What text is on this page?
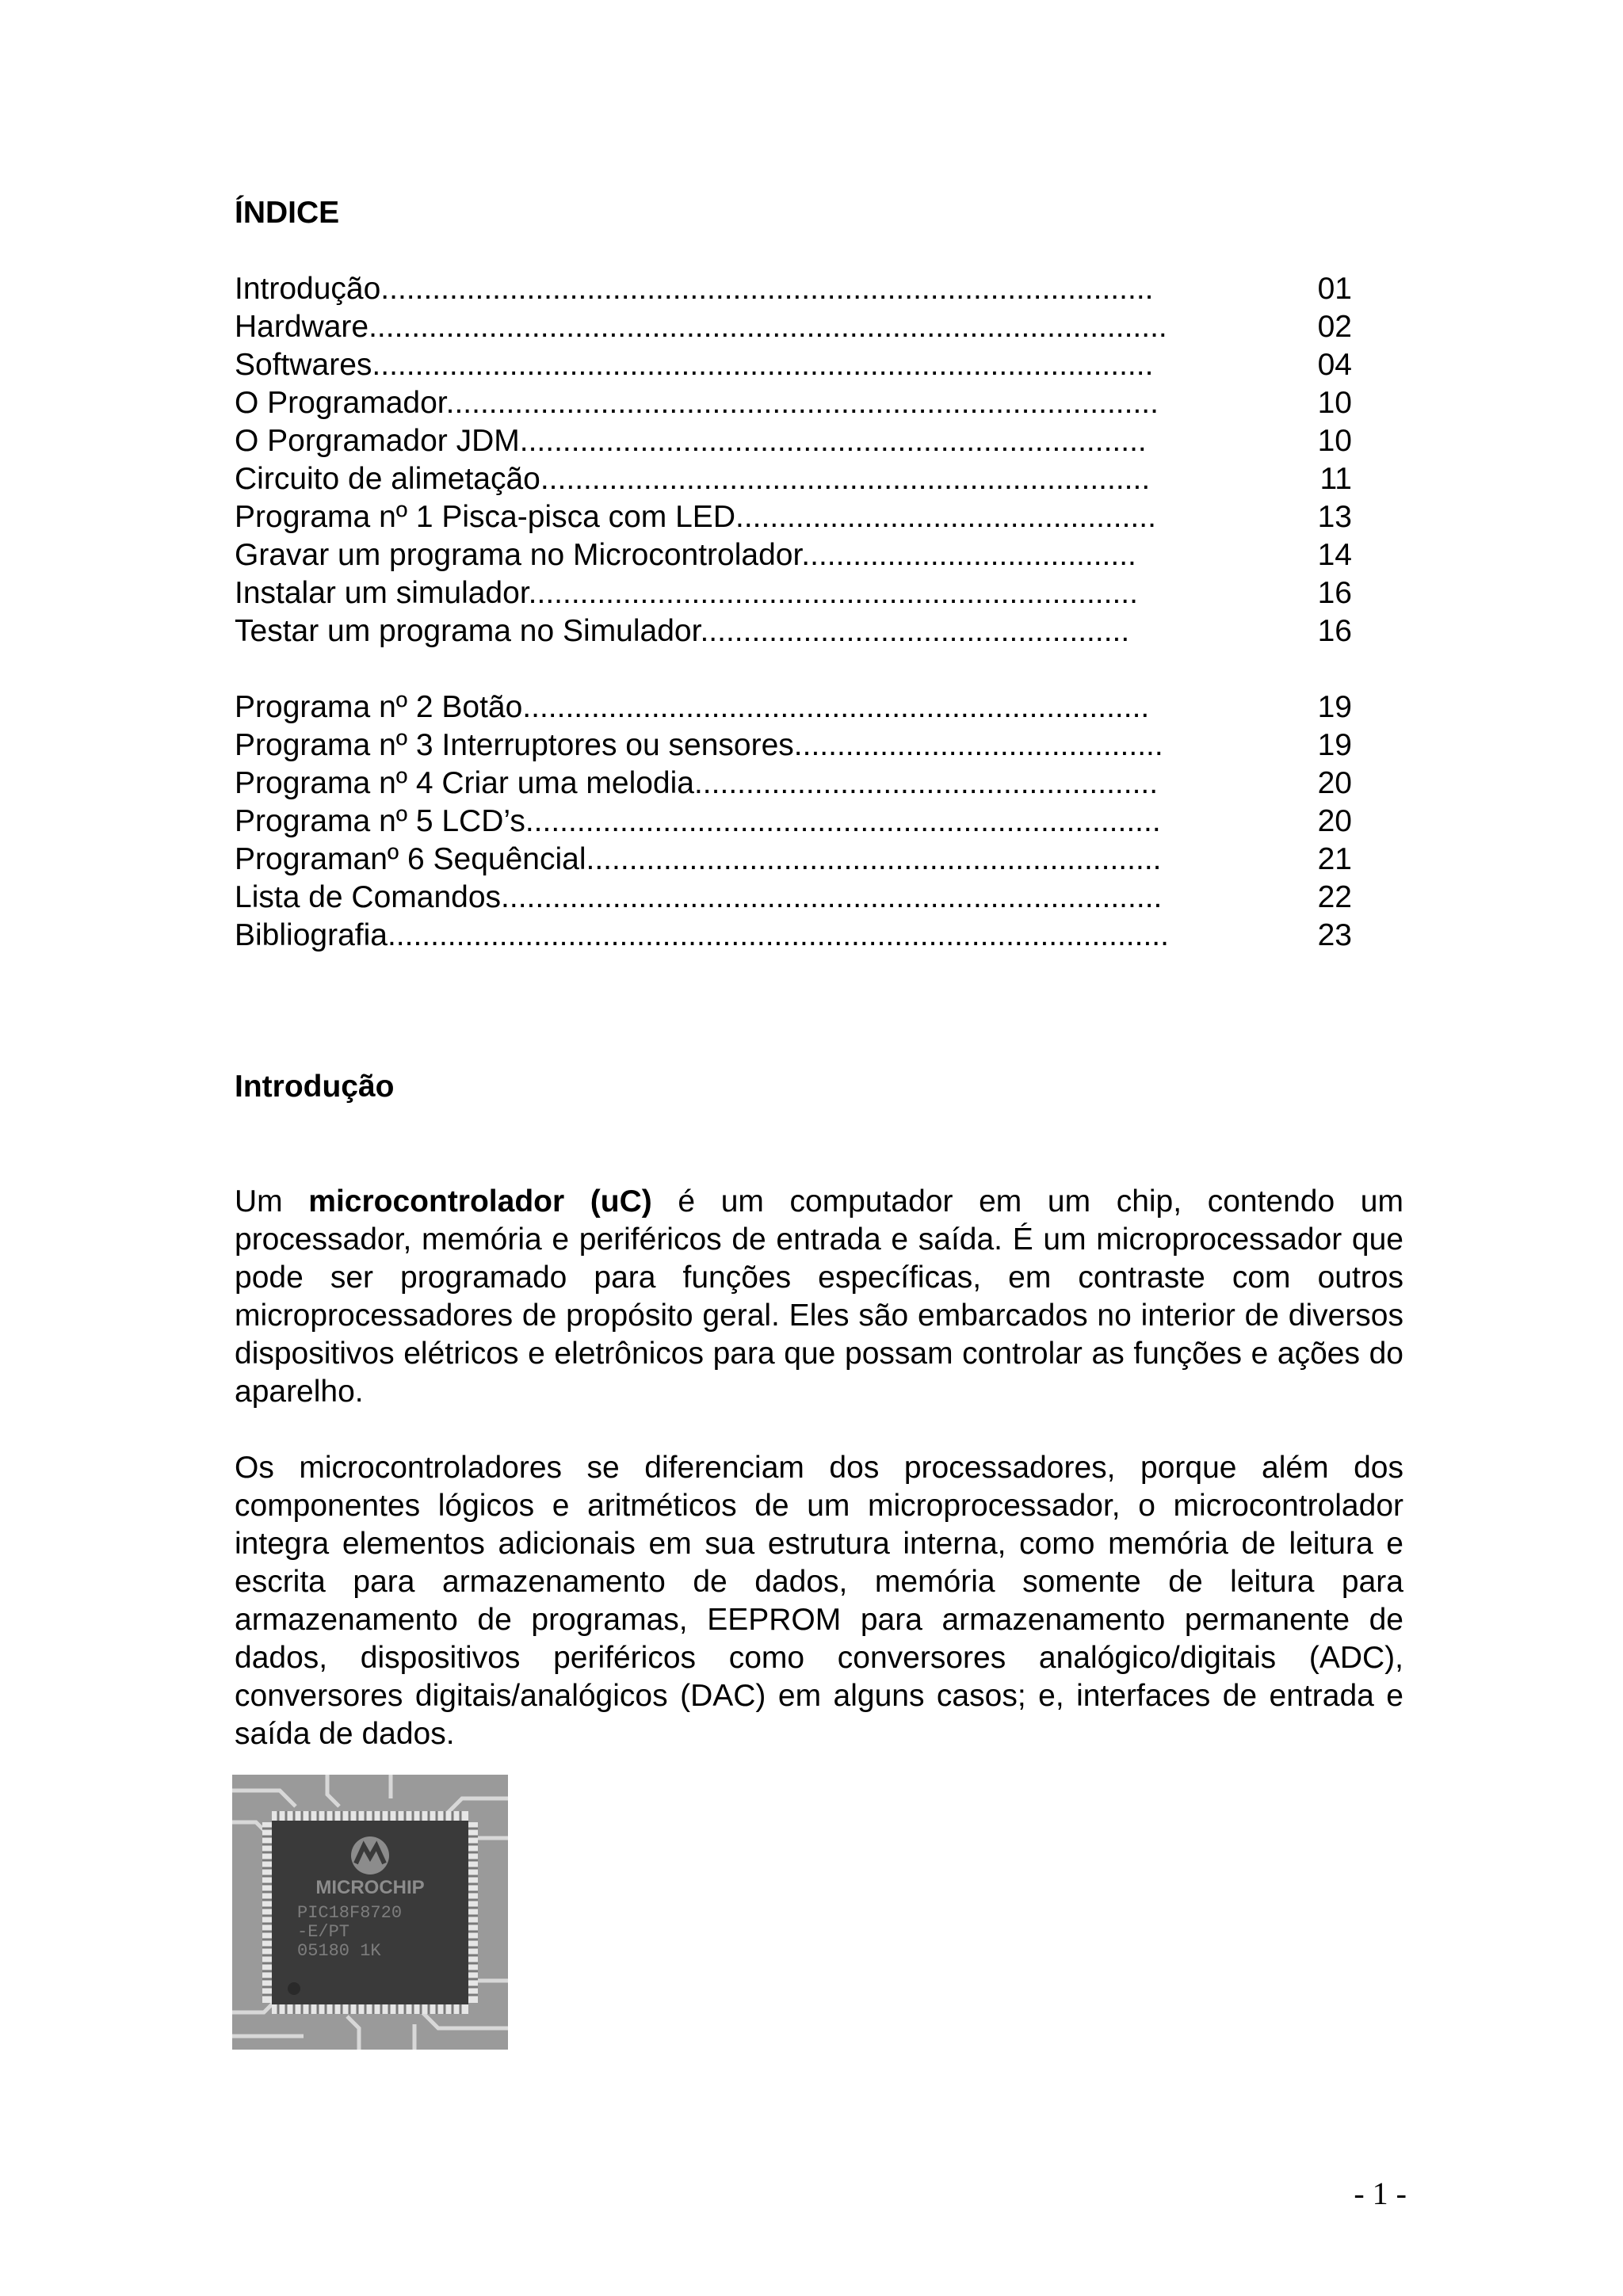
ÍNDICE
Introdução..........................................................................................	01
Hardware.............................................................................................	02
Softwares...........................................................................................	04
O Programador...................................................................................	10
O Porgramador JDM.........................................................................	10
Circuito de alimetação.......................................................................	11
Programa nº 1 Pisca-pisca com LED.................................................	13
Gravar um programa no Microcontrolador.......................................	14
Instalar um simulador.......................................................................	16
Testar um programa no Simulador..................................................	16
Programa nº 2 Botão.........................................................................	19
Programa nº 3 Interruptores ou sensores...........................................	19
Programa nº 4 Criar uma melodia......................................................	20
Programa nº 5 LCD’s..........................................................................	20
Programanº 6 Sequêncial...................................................................	21
Lista de Comandos.............................................................................	22
Bibliografia...........................................................................................	23
Introdução

Um microcontrolador (uC) é um computador em um chip, contendo um processador, memória e periféricos de entrada e saída. É um microprocessador que pode ser programado para funções específicas, em contraste com outros microprocessadores de propósito geral. Eles são embarcados no interior de diversos dispositivos elétricos e eletrônicos para que possam controlar as funções e ações do aparelho.

Os microcontroladores se diferenciam dos processadores, porque além dos componentes lógicos e aritméticos de um microprocessador, o microcontrolador integra elementos adicionais em sua estrutura interna, como memória de leitura e escrita para armazenamento de dados, memória somente de leitura para armazenamento de programas, EEPROM para armazenamento permanente de dados, dispositivos periféricos como conversores analógico/digitais (ADC), conversores digitais/analógicos (DAC) em alguns casos; e, interfaces de entrada e saída de dados.

MICROCHIP
PIC18F8720
-E/PT
05180 1K

- 1 -
